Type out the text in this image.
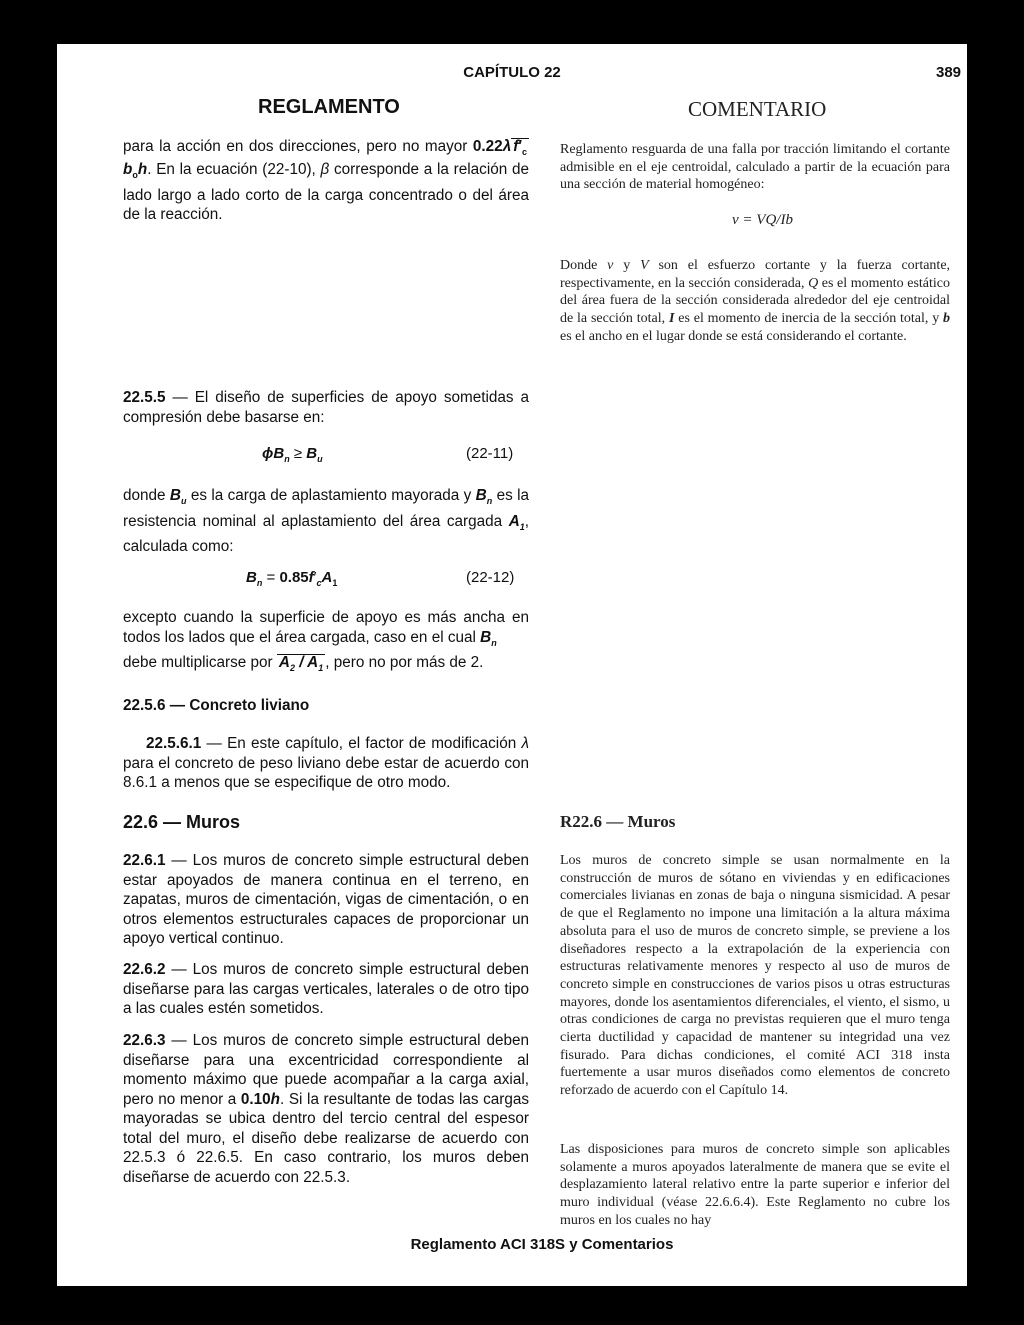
CAPÍTULO 22	389
REGLAMENTO	COMENTARIO

para la acción en dos direcciones, pero no mayor 0.22λ $f'_cb_oh$. En la ecuación (22-10), β corresponde a la relación de lado largo a lado corto de la carga concentrado o del área de la reacción.

22.5.5 — El diseño de superficies de apoyo sometidas a compresión debe basarse en:

$\phi B_n \ge B_u$	(22-11)

donde $B_u$ es la carga de aplastamiento mayorada y $B_n$ es la resistencia nominal al aplastamiento del área cargada $A_1$, calculada como:

$B_n = 0.85f'_cA_1$	(22-12)

excepto cuando la superficie de apoyo es más ancha en todos los lados que el área cargada, caso en el cual $B_n$

debe multiplicarse por $A_2 / A_1$ , pero no por más de 2.
22.5.6 — Concreto liviano

22.5.6.1 — En este capítulo, el factor de modificación λ para el concreto de peso liviano debe estar de acuerdo con 8.6.1 a menos que se especifique de otro modo.

22.6 — Muros

22.6.1 — Los muros de concreto simple estructural deben estar apoyados de manera continua en el terreno, en zapatas, muros de cimentación, vigas de cimentación, o en otros elementos estructurales capaces de proporcionar un apoyo vertical continuo.

22.6.2 — Los muros de concreto simple estructural deben diseñarse para las cargas verticales, laterales o de otro tipo a las cuales estén sometidos.

22.6.3 — Los muros de concreto simple estructural deben diseñarse para una excentricidad correspondiente al momento máximo que puede acompañar a la carga axial, pero no menor a 0.10h. Si la resultante de todas las cargas mayoradas se ubica dentro del tercio central del espesor total del muro, el diseño debe realizarse de acuerdo con 22.5.3 ó 22.6.5. En caso contrario, los muros deben diseñarse de acuerdo con 22.5.3.

Reglamento resguarda de una falla por tracción limitando el cortante admisible en el eje centroidal, calculado a partir de la ecuación para una sección de material homogéneo:

v = VQ/Ib

Donde v y V son el esfuerzo cortante y la fuerza cortante, respectivamente, en la sección considerada, Q es el momento estático del área fuera de la sección considerada alrededor del eje centroidal de la sección total, I es el momento de inercia de la sección total, y b es el ancho en el lugar donde se está considerando el cortante.

R22.6 — Muros

Los muros de concreto simple se usan normalmente en la construcción de muros de sótano en viviendas y en edificaciones comerciales livianas en zonas de baja o ninguna sismicidad. A pesar de que el Reglamento no impone una limitación a la altura máxima absoluta para el uso de muros de concreto simple, se previene a los diseñadores respecto a la extrapolación de la experiencia con estructuras relativamente menores y respecto al uso de muros de concreto simple en construcciones de varios pisos u otras estructuras mayores, donde los asentamientos diferenciales, el viento, el sismo, u otras condiciones de carga no previstas requieren que el muro tenga cierta ductilidad y capacidad de mantener su integridad una vez fisurado. Para dichas condiciones, el comité ACI 318 insta fuertemente a usar muros diseñados como elementos de concreto reforzado de acuerdo con el Capítulo 14.

Las disposiciones para muros de concreto simple son aplicables solamente a muros apoyados lateralmente de manera que se evite el desplazamiento lateral relativo entre la parte superior e inferior del muro individual (véase 22.6.6.4). Este Reglamento no cubre los muros en los cuales no hay

Reglamento ACI 318S y Comentarios
